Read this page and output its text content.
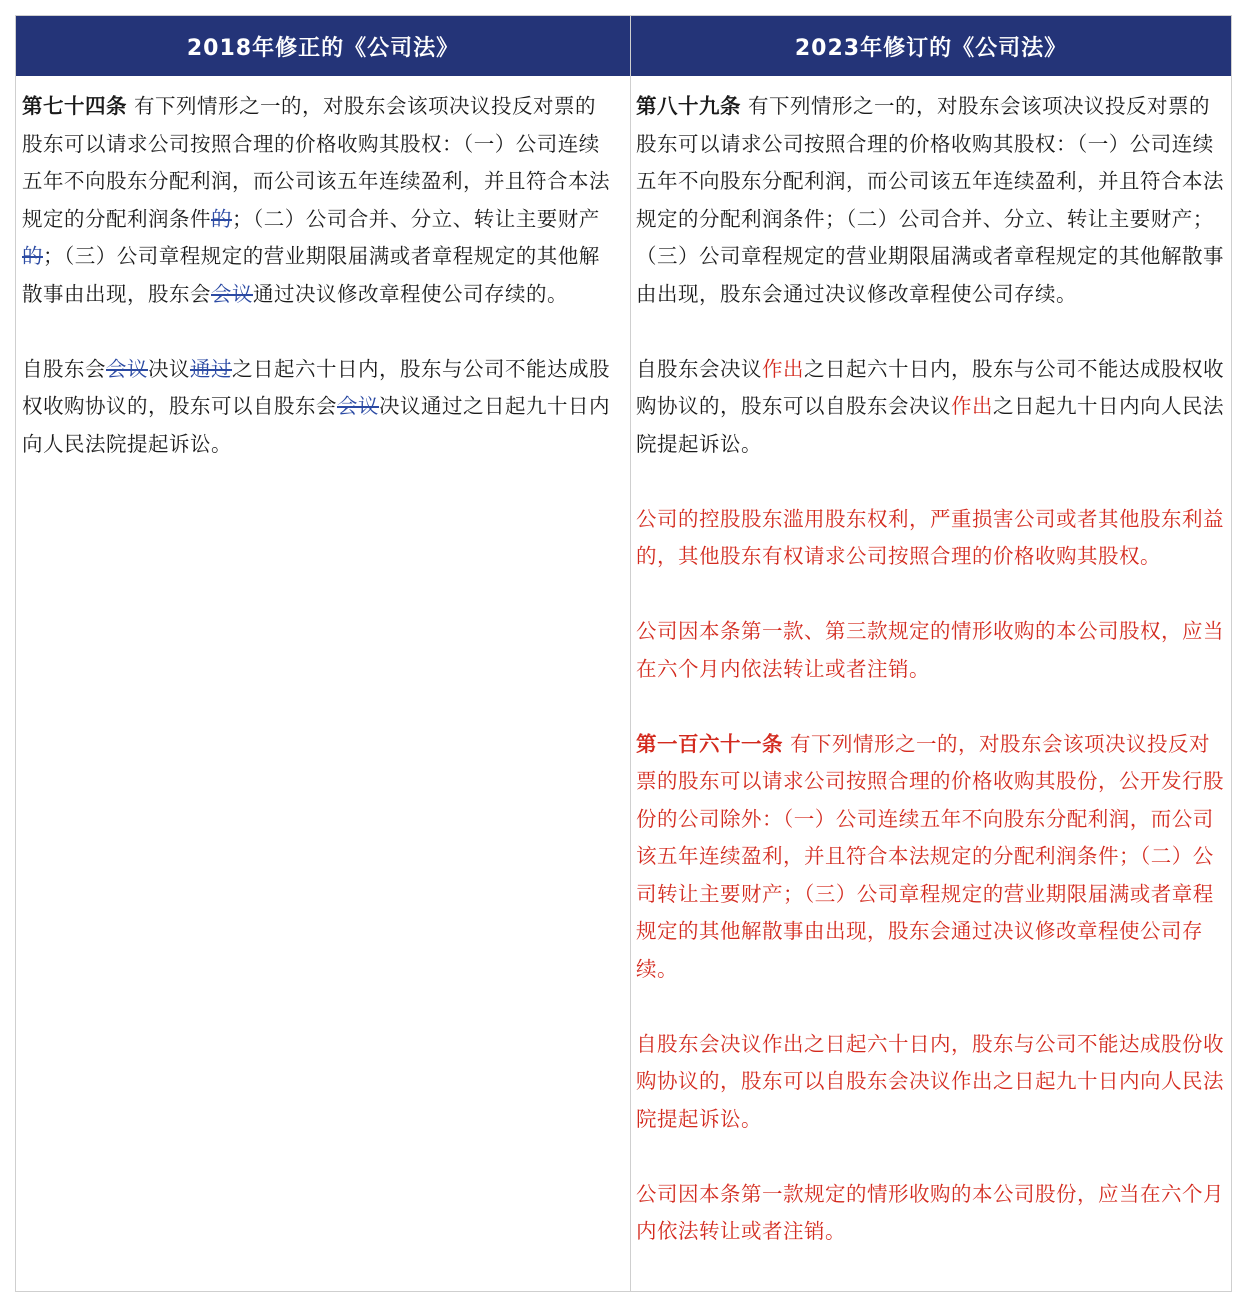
2018年修正的《公司法》	2023年修订的《公司法》

第七十四条 有下列情形之一的，对股东会该项决议投反对票的股东可以请求公司按照合理的价格收购其股权：（一）公司连续五年不向股东分配利润，而公司该五年连续盈利，并且符合本法规定的分配利润条件的；（二）公司合并、分立、转让主要财产的；（三）公司章程规定的营业期限届满或者章程规定的其他解散事由出现，股东会会议通过决议修改章程使公司存续的。

自股东会会议决议通过之日起六十日内，股东与公司不能达成股权收购协议的，股东可以自股东会会议决议通过之日起九十日内向人民法院提起诉讼。

第八十九条 有下列情形之一的，对股东会该项决议投反对票的股东可以请求公司按照合理的价格收购其股权：（一）公司连续五年不向股东分配利润，而公司该五年连续盈利，并且符合本法规定的分配利润条件；（二）公司合并、分立、转让主要财产；（三）公司章程规定的营业期限届满或者章程规定的其他解散事由出现，股东会通过决议修改章程使公司存续。

自股东会决议作出之日起六十日内，股东与公司不能达成股权收购协议的，股东可以自股东会决议作出之日起九十日内向人民法院提起诉讼。

公司的控股股东滥用股东权利，严重损害公司或者其他股东利益的，其他股东有权请求公司按照合理的价格收购其股权。

公司因本条第一款、第三款规定的情形收购的本公司股权，应当在六个月内依法转让或者注销。

第一百六十一条 有下列情形之一的，对股东会该项决议投反对票的股东可以请求公司按照合理的价格收购其股份，公开发行股份的公司除外：（一）公司连续五年不向股东分配利润，而公司该五年连续盈利，并且符合本法规定的分配利润条件；（二）公司转让主要财产；（三）公司章程规定的营业期限届满或者章程规定的其他解散事由出现，股东会通过决议修改章程使公司存续。

自股东会决议作出之日起六十日内，股东与公司不能达成股份收购协议的，股东可以自股东会决议作出之日起九十日内向人民法院提起诉讼。

公司因本条第一款规定的情形收购的本公司股份，应当在六个月内依法转让或者注销。
